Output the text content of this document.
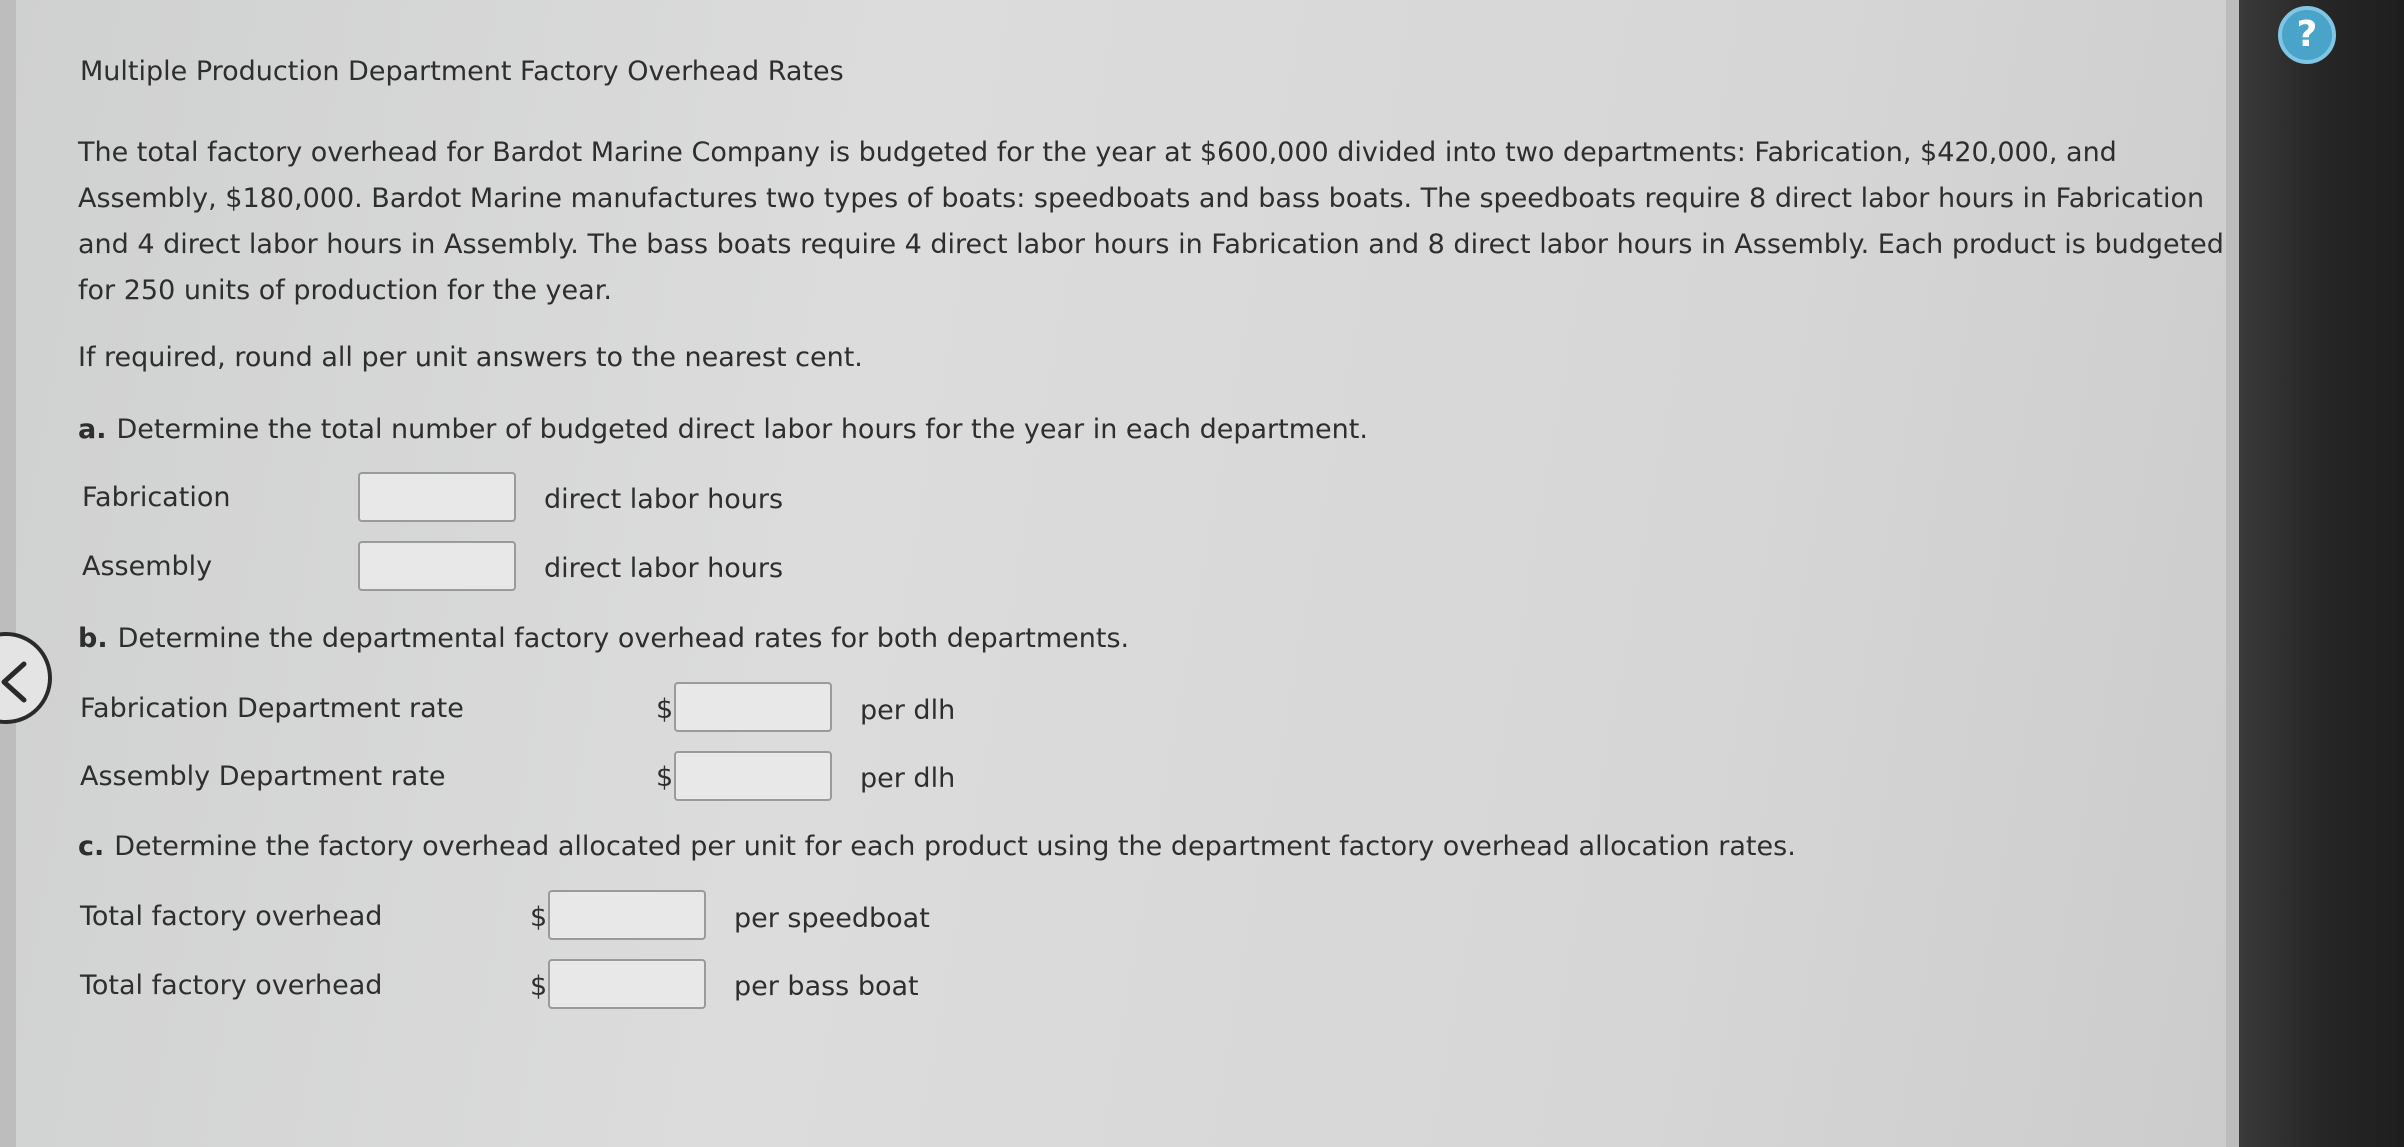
?
Multiple Production Department Factory Overhead Rates
The total factory overhead for Bardot Marine Company is budgeted for the year at $600,000 divided into two departments: Fabrication, $420,000, and
Assembly, $180,000. Bardot Marine manufactures two types of boats: speedboats and bass boats. The speedboats require 8 direct labor hours in Fabrication
and 4 direct labor hours in Assembly. The bass boats require 4 direct labor hours in Fabrication and 8 direct labor hours in Assembly. Each product is budgeted
for 250 units of production for the year.
If required, round all per unit answers to the nearest cent.
a. Determine the total number of budgeted direct labor hours for the year in each department.
Fabrication	direct labor hours
Assembly	direct labor hours
b. Determine the departmental factory overhead rates for both departments.
Fabrication Department rate	$	per dlh
Assembly Department rate	$	per dlh
c. Determine the factory overhead allocated per unit for each product using the department factory overhead allocation rates.
Total factory overhead	$	per speedboat
Total factory overhead	$	per bass boat
